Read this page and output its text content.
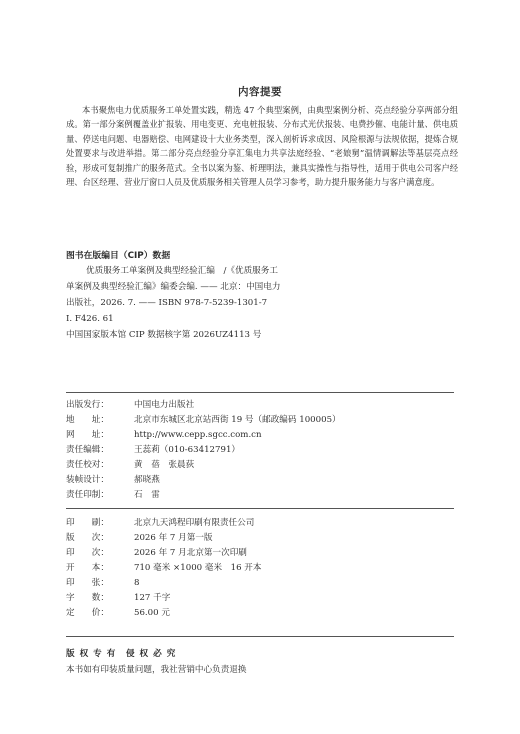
内容提要

本书聚焦电力优质服务工单处置实践，精选 47 个典型案例，由典型案例分析、亮点经验分享两部分组成。第一部分案例覆盖业扩报装、用电变更、充电桩报装、分布式光伏报装、电费抄催、电能计量、供电质量、停送电问题、电器赔偿、电网建设十大业务类型，深入剖析诉求成因、风险根源与法规依据，提炼合规处置要求与改进举措。第二部分亮点经验分享汇集电力共享法庭经验、“老娘舅”温情调解法等基层亮点经验，形成可复制推广的服务范式。全书以案为鉴、析理明法，兼具实操性与指导性，适用于供电公司客户经理、台区经理、营业厅窗口人员及优质服务相关管理人员学习参考，助力提升服务能力与客户满意度。

图书在版编目（CIP）数据
优质服务工单案例及典型经验汇编　/《优质服务工
单案例及典型经验汇编》编委会编. —— 北京：中国电力
出版社，2026. 7. —— ISBN 978-7-5239-1301-7
Ⅰ. F426. 61
中国国家版本馆 CIP 数据核字第 2026UZ4113 号
出版发行：	中国电力出版社
地　　址：	北京市东城区北京站西街 19 号（邮政编码 100005）
网　　址：	http://www.cepp.sgcc.com.cn
责任编辑：	王蕊莉（010-63412791）
责任校对：	黄　蓓　张晨荻
装帧设计：	郝晓燕
责任印制：	石　雷
印　　刷：	北京九天鸿程印刷有限责任公司
版　　次：	2026 年 7 月第一版
印　　次：	2026 年 7 月北京第一次印刷
开　　本：	710 毫米 ×1000 毫米　16 开本
印　　张：	8
字　　数：	127 千字
定　　价：	56.00 元
版 权 专 有　侵 权 必 究
本书如有印装质量问题，我社营销中心负责退换
